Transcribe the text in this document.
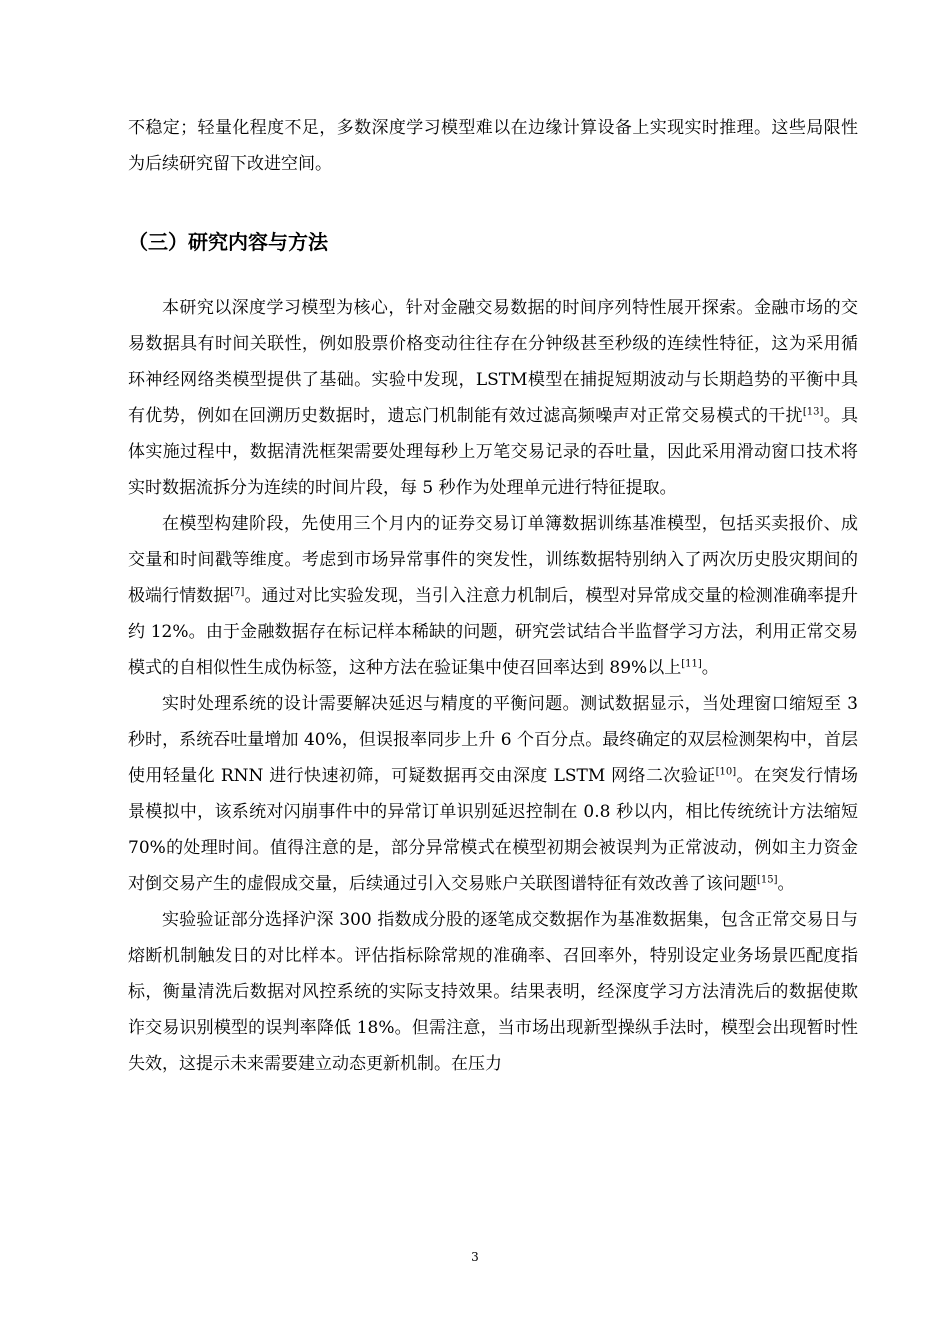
不稳定；轻量化程度不足，多数深度学习模型难以在边缘计算设备上实现实时推理。这些局限性为后续研究留下改进空间。

（三）研究内容与方法

本研究以深度学习模型为核心，针对金融交易数据的时间序列特性展开探索。金融市场的交易数据具有时间关联性，例如股票价格变动往往存在分钟级甚至秒级的连续性特征，这为采用循环神经网络类模型提供了基础。实验中发现，LSTM模型在捕捉短期波动与长期趋势的平衡中具有优势，例如在回溯历史数据时，遗忘门机制能有效过滤高频噪声对正常交易模式的干扰[13]。具体实施过程中，数据清洗框架需要处理每秒上万笔交易记录的吞吐量，因此采用滑动窗口技术将实时数据流拆分为连续的时间片段，每 5 秒作为处理单元进行特征提取。

在模型构建阶段，先使用三个月内的证券交易订单簿数据训练基准模型，包括买卖报价、成交量和时间戳等维度。考虑到市场异常事件的突发性，训练数据特别纳入了两次历史股灾期间的极端行情数据[7]。通过对比实验发现，当引入注意力机制后，模型对异常成交量的检测准确率提升约 12%。由于金融数据存在标记样本稀缺的问题，研究尝试结合半监督学习方法，利用正常交易模式的自相似性生成伪标签，这种方法在验证集中使召回率达到 89%以上[11]。

实时处理系统的设计需要解决延迟与精度的平衡问题。测试数据显示，当处理窗口缩短至 3 秒时，系统吞吐量增加 40%，但误报率同步上升 6 个百分点。最终确定的双层检测架构中，首层使用轻量化 RNN 进行快速初筛，可疑数据再交由深度 LSTM 网络二次验证[10]。在突发行情场景模拟中，该系统对闪崩事件中的异常订单识别延迟控制在 0.8 秒以内，相比传统统计方法缩短 70%的处理时间。值得注意的是，部分异常模式在模型初期会被误判为正常波动，例如主力资金对倒交易产生的虚假成交量，后续通过引入交易账户关联图谱特征有效改善了该问题[15]。

实验验证部分选择沪深 300 指数成分股的逐笔成交数据作为基准数据集，包含正常交易日与熔断机制触发日的对比样本。评估指标除常规的准确率、召回率外，特别设定业务场景匹配度指标，衡量清洗后数据对风控系统的实际支持效果。结果表明，经深度学习方法清洗后的数据使欺诈交易识别模型的误判率降低 18%。但需注意，当市场出现新型操纵手法时，模型会出现暂时性失效，这提示未来需要建立动态更新机制。在压力

3
